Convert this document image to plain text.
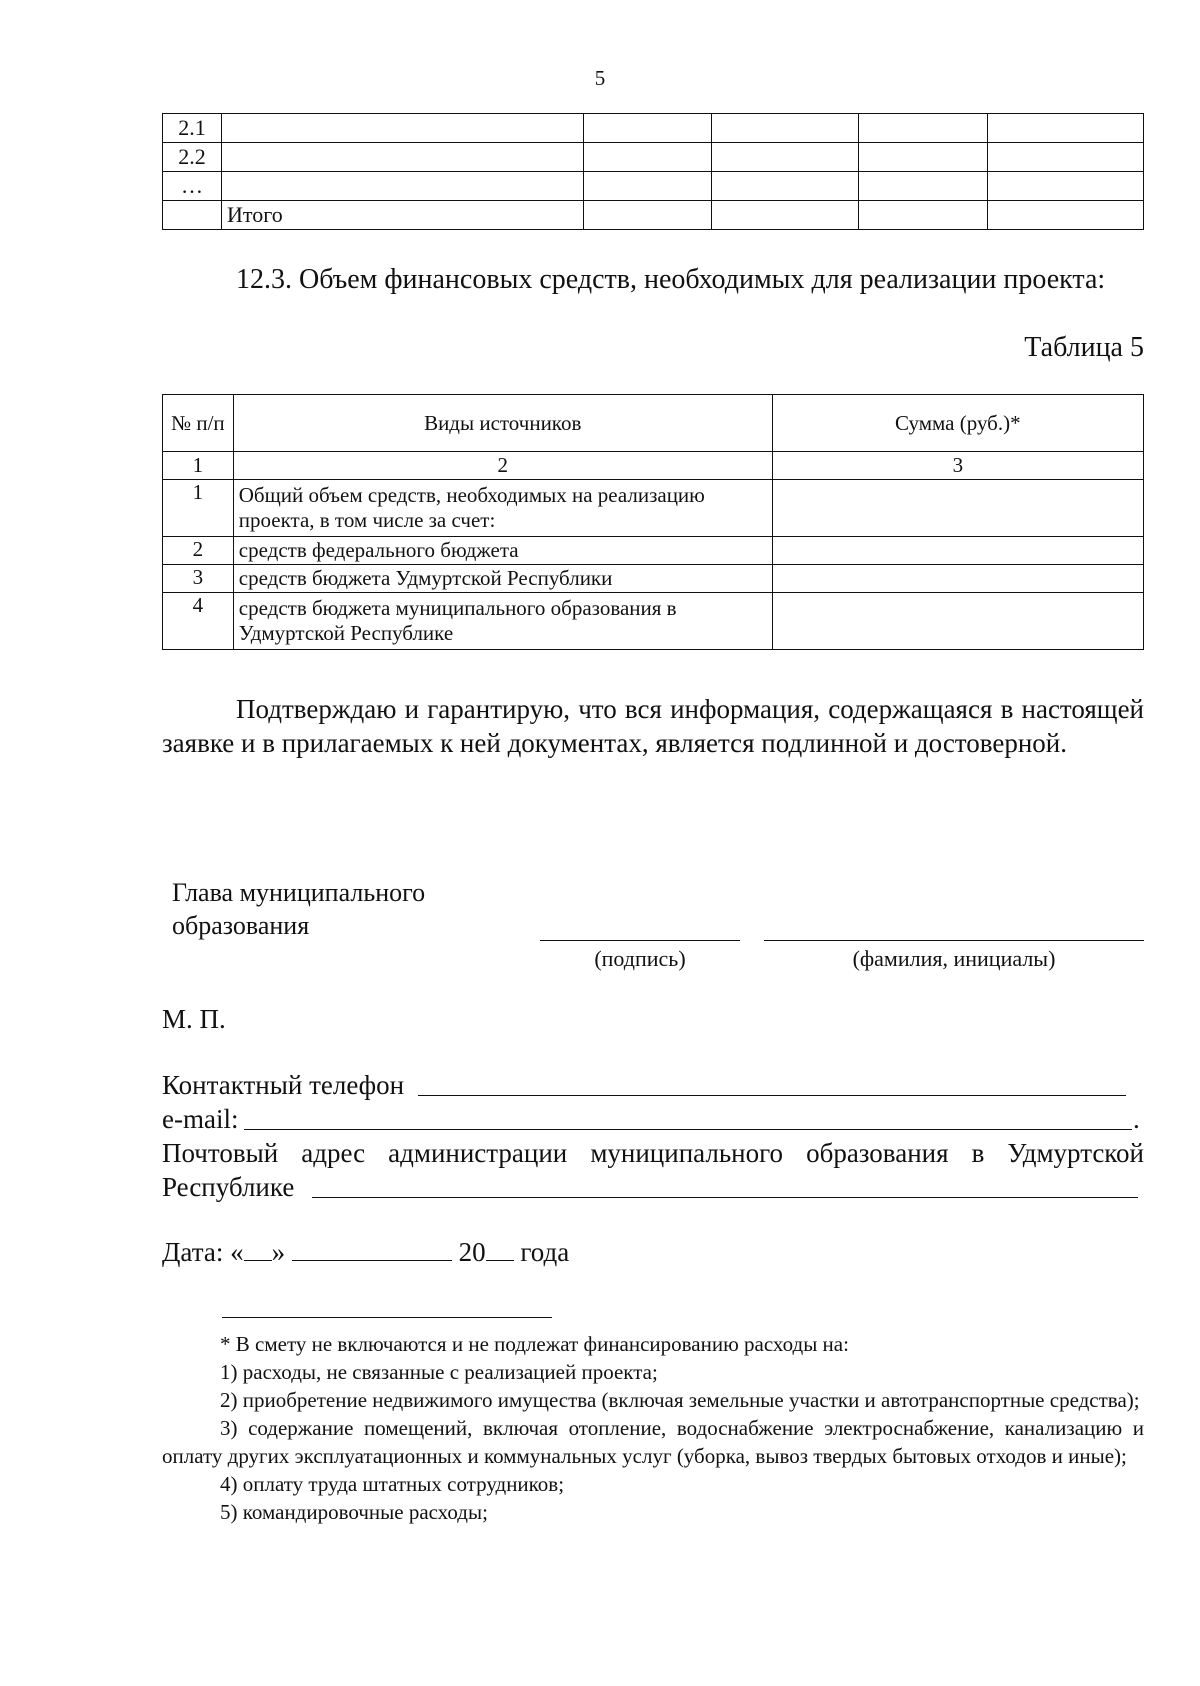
5
2.1					
2.2					
…					
	Итого				
12.3. Объем финансовых средств, необходимых для реализации проекта:
Таблица 5
№ п/п	Виды источников	Сумма (руб.)*
1	2	3
1	Общий объем средств, необходимых на реализацию проекта, в том числе за счет:	
2	средств федерального бюджета	
3	средств бюджета Удмуртской Республики	
4	средств бюджета муниципального образования в Удмуртской Республике	
Подтверждаю и гарантирую, что вся информация, содержащаяся в настоящей заявке и в прилагаемых к ней документах, является подлинной и достоверной.
Глава муниципального
образования
(подпись)	(фамилия, инициалы)
М. П.
Контактный телефон
e-mail:	.
Почтовый адрес администрации муниципального образования в Удмуртской
Республике
Дата: « »	20 года
* В смету не включаются и не подлежат финансированию расходы на:
1) расходы, не связанные с реализацией проекта;
2) приобретение недвижимого имущества (включая земельные участки и автотранспортные средства);
3) содержание помещений, включая отопление, водоснабжение электроснабжение, канализацию и оплату других эксплуатационных и коммунальных услуг (уборка, вывоз твердых бытовых отходов и иные);
4) оплату труда штатных сотрудников;
5) командировочные расходы;
